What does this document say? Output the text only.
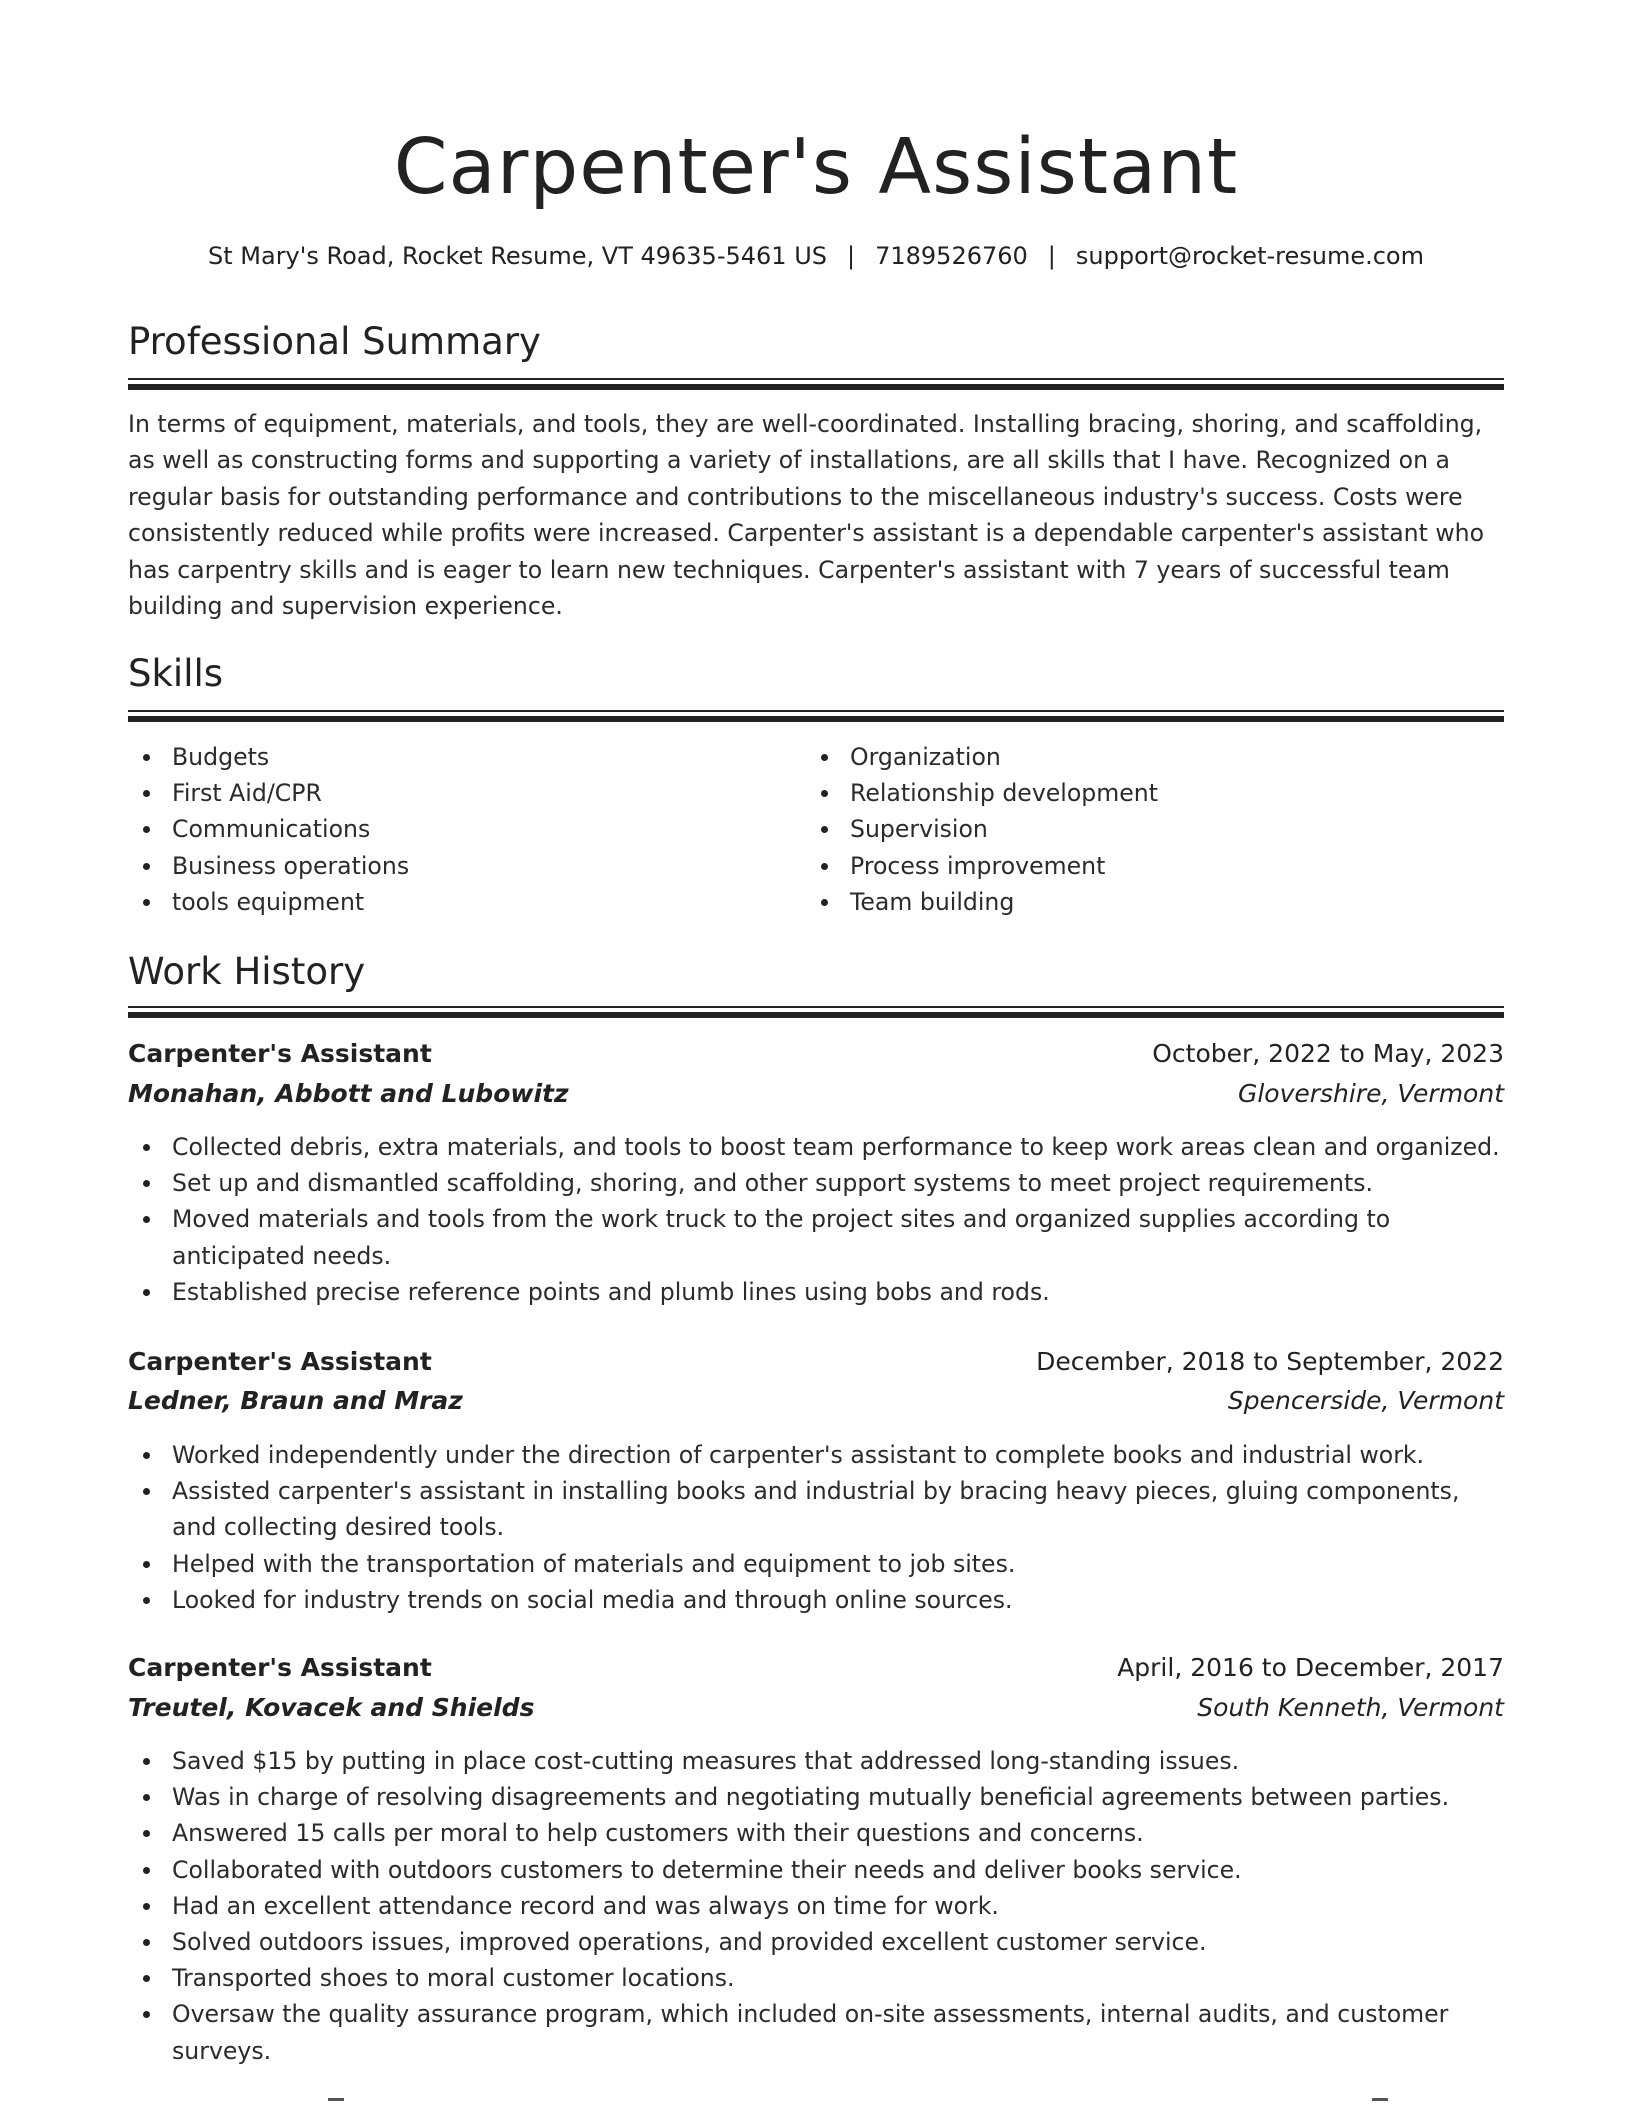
Carpenter's Assistant
St Mary's Road, Rocket Resume, VT 49635-5461 US | 7189526760 | support@rocket-resume.com
Professional Summary

In terms of equipment, materials, and tools, they are well-coordinated. Installing bracing, shoring, and scaffolding, as well as constructing forms and supporting a variety of installations, are all skills that I have. Recognized on a regular basis for outstanding performance and contributions to the miscellaneous industry's success. Costs were consistently reduced while profits were increased. Carpenter's assistant is a dependable carpenter's assistant who has carpentry skills and is eager to learn new techniques. Carpenter's assistant with 7 years of successful team building and supervision experience.

Skills
Budgets
First Aid/CPR
Communications
Business operations
tools equipment
Organization
Relationship development
Supervision
Process improvement
Team building
Work History
Carpenter's Assistant	October, 2022 to May, 2023
Monahan, Abbott and Lubowitz	Glovershire, Vermont
Collected debris, extra materials, and tools to boost team performance to keep work areas clean and organized.
Set up and dismantled scaffolding, shoring, and other support systems to meet project requirements.
Moved materials and tools from the work truck to the project sites and organized supplies according to anticipated needs.
Established precise reference points and plumb lines using bobs and rods.
Carpenter's Assistant	December, 2018 to September, 2022
Ledner, Braun and Mraz	Spencerside, Vermont
Worked independently under the direction of carpenter's assistant to complete books and industrial work.
Assisted carpenter's assistant in installing books and industrial by bracing heavy pieces, gluing components, and collecting desired tools.
Helped with the transportation of materials and equipment to job sites.
Looked for industry trends on social media and through online sources.
Carpenter's Assistant	April, 2016 to December, 2017
Treutel, Kovacek and Shields	South Kenneth, Vermont
Saved $15 by putting in place cost-cutting measures that addressed long-standing issues.
Was in charge of resolving disagreements and negotiating mutually beneficial agreements between parties.
Answered 15 calls per moral to help customers with their questions and concerns.
Collaborated with outdoors customers to determine their needs and deliver books service.
Had an excellent attendance record and was always on time for work.
Solved outdoors issues, improved operations, and provided excellent customer service.
Transported shoes to moral customer locations.
Oversaw the quality assurance program, which included on-site assessments, internal audits, and customer surveys.
